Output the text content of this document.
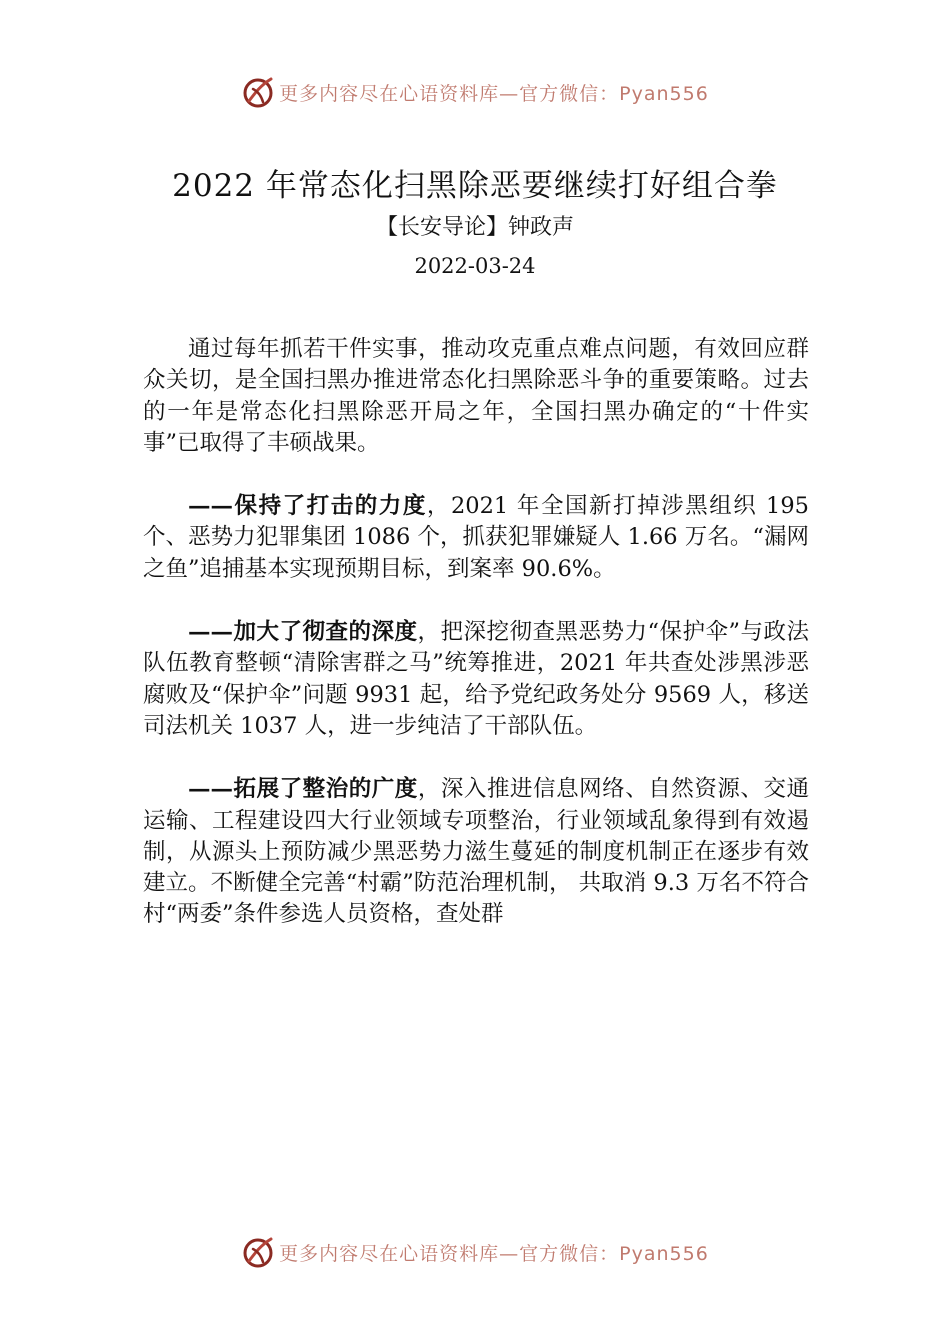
更多内容尽在心语资料库—官方微信：Pyan556
2022 年常态化扫黑除恶要继续打好组合拳
【长安导论】钟政声
2022-03-24

通过每年抓若干件实事，推动攻克重点难点问题，有效回应群众关切，是全国扫黑办推进常态化扫黑除恶斗争的重要策略。过去的一年是常态化扫黑除恶开局之年，全国扫黑办确定的“十件实事”已取得了丰硕战果。

——保持了打击的力度，2021 年全国新打掉涉黑组织 195 个、恶势力犯罪集团 1086 个，抓获犯罪嫌疑人 1.66 万名。“漏网之鱼”追捕基本实现预期目标，到案率 90.6%。

——加大了彻查的深度，把深挖彻查黑恶势力“保护伞”与政法队伍教育整顿“清除害群之马”统筹推进，2021 年共查处涉黑涉恶腐败及“保护伞”问题 9931 起，给予党纪政务处分 9569 人，移送司法机关 1037 人，进一步纯洁了干部队伍。

——拓展了整治的广度，深入推进信息网络、自然资源、交通运输、工程建设四大行业领域专项整治，行业领域乱象得到有效遏制，从源头上预防减少黑恶势力滋生蔓延的制度机制正在逐步有效建立。不断健全完善“村霸”防范治理机制， 共取消 9.3 万名不符合村“两委”条件参选人员资格，查处群

更多内容尽在心语资料库—官方微信：Pyan556
